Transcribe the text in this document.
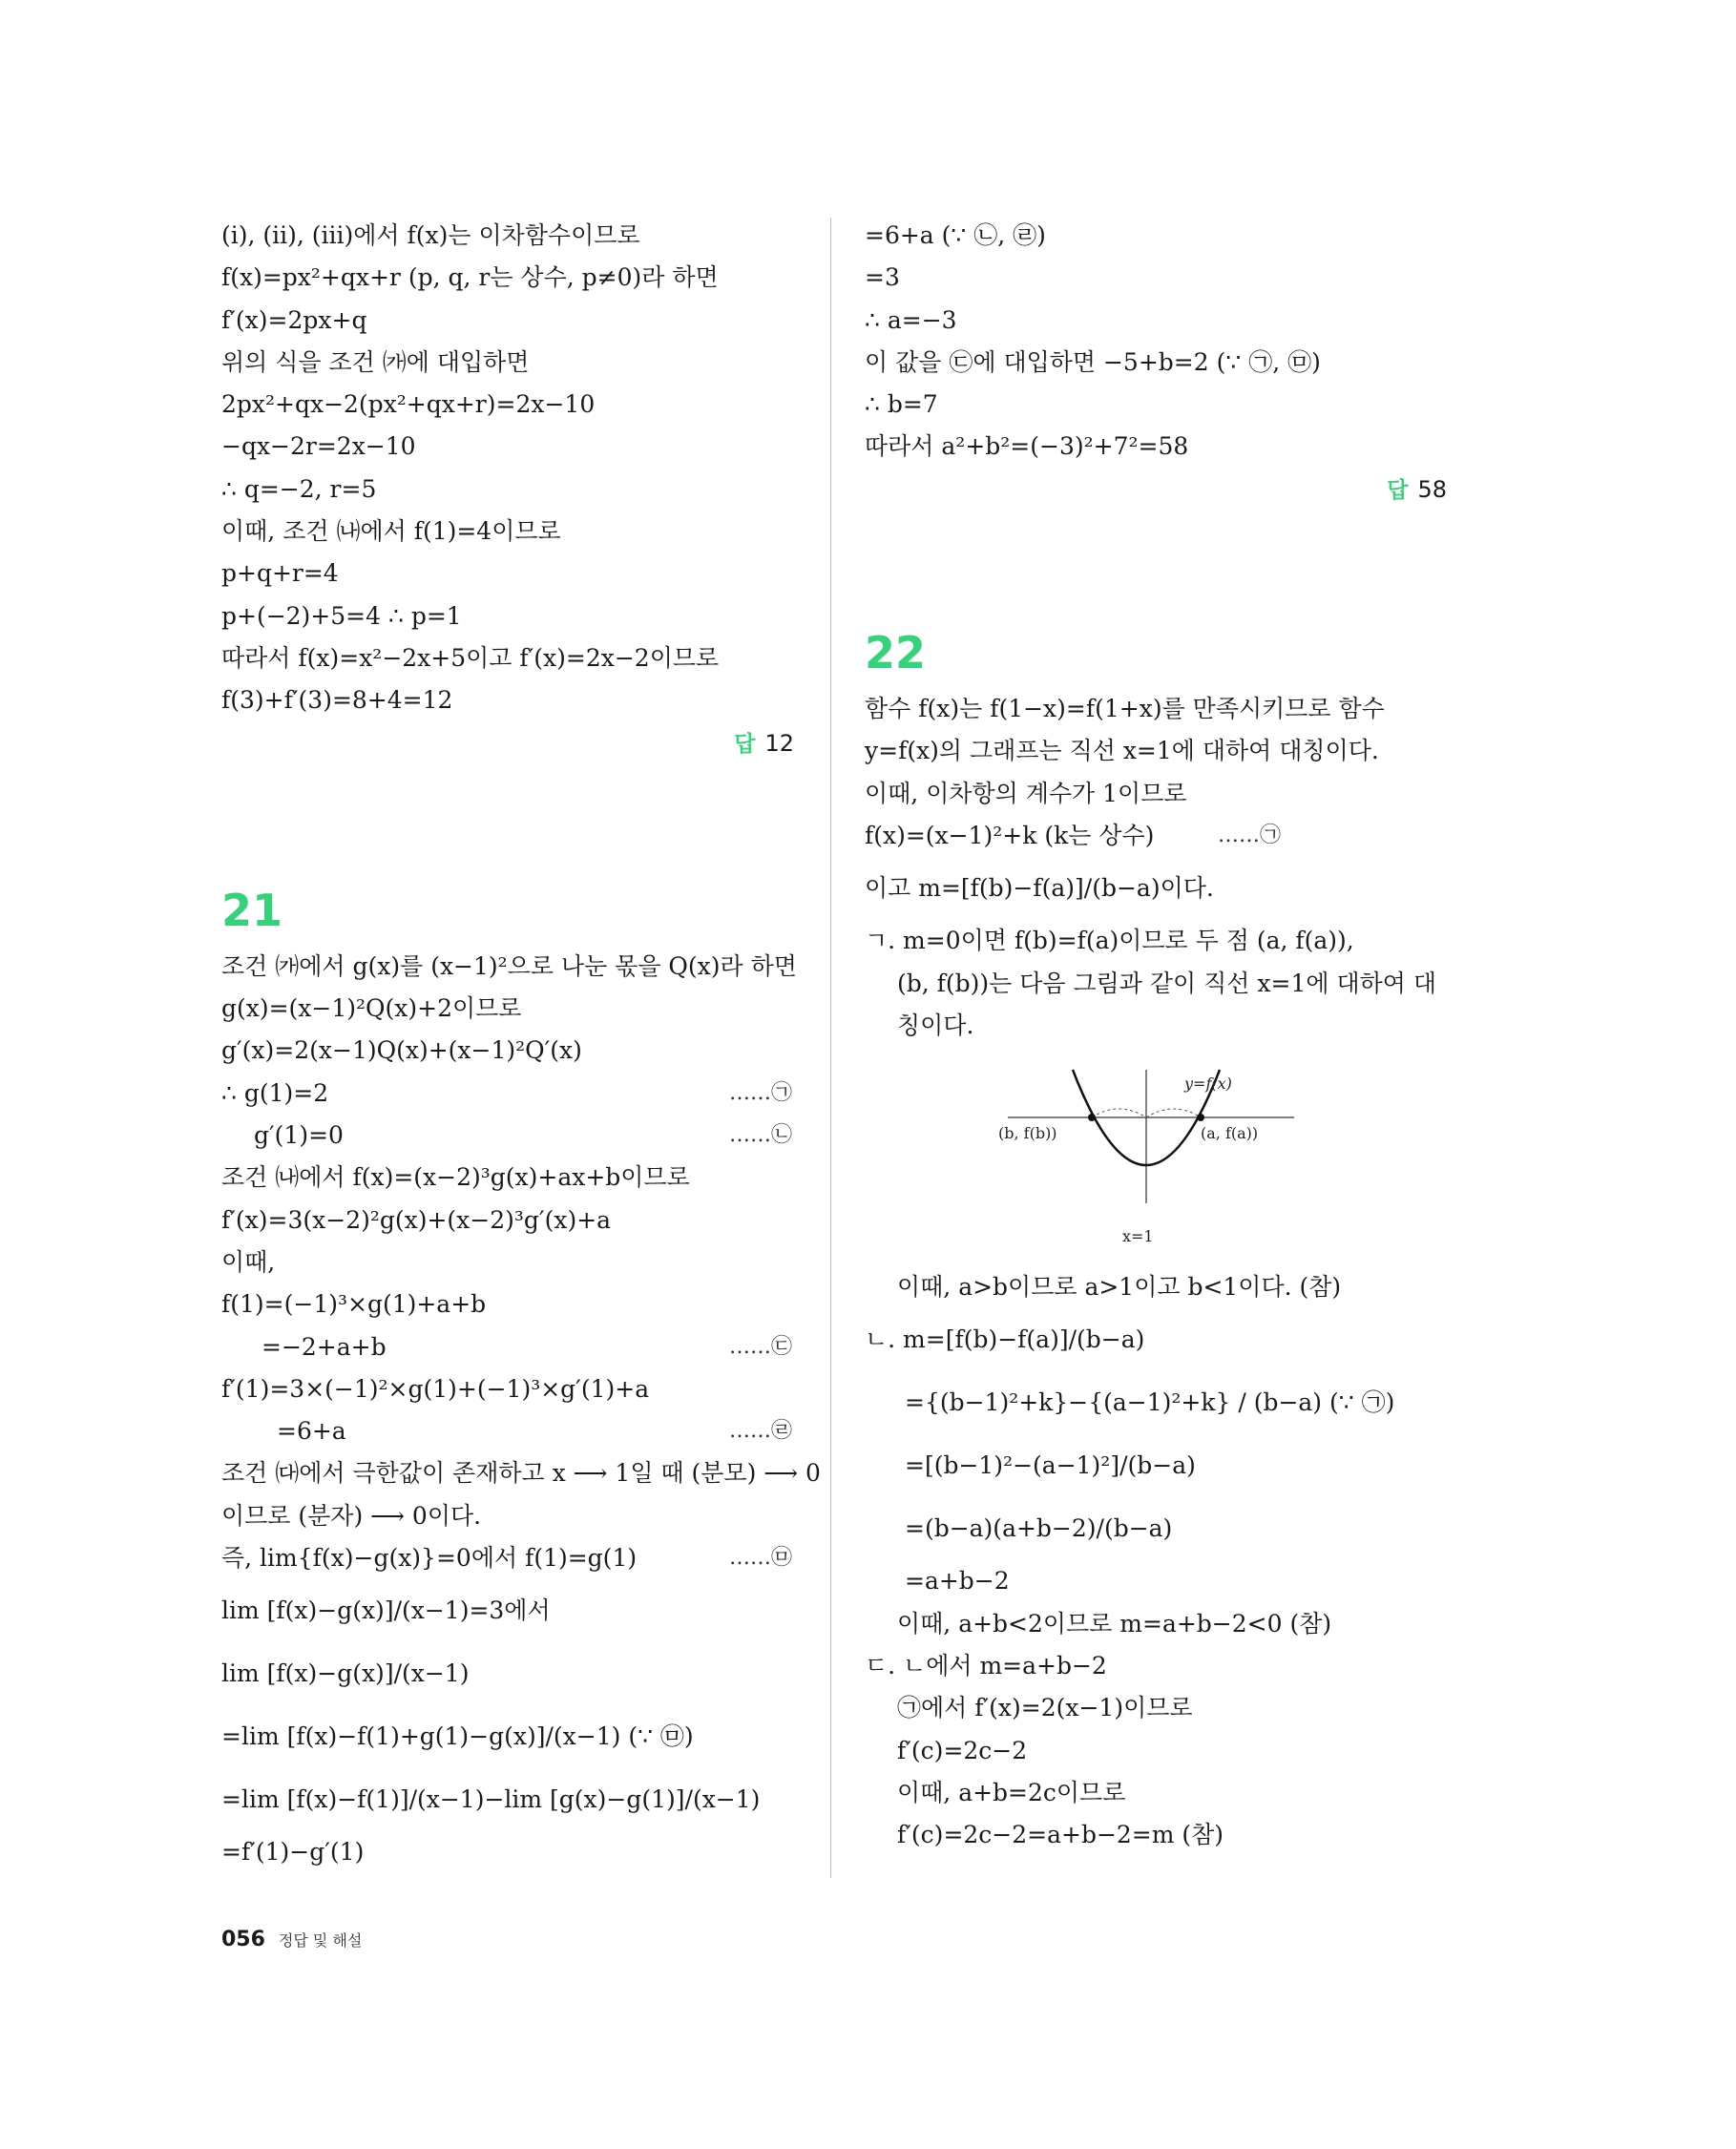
(ⅰ), (ⅱ), (ⅲ)에서 f(x)는 이차함수이므로
f(x)=px²+qx+r (p, q, r는 상수, p≠0)라 하면
f′(x)=2px+q
위의 식을 조건 ㈎에 대입하면
2px²+qx−2(px²+qx+r)=2x−10
−qx−2r=2x−10
∴ q=−2, r=5
이때, 조건 ㈏에서 f(1)=4이므로
p+q+r=4
p+(−2)+5=4 ∴ p=1
따라서 f(x)=x²−2x+5이고 f′(x)=2x−2이므로
f(3)+f′(3)=8+4=12
답 12
21
조건 ㈎에서 g(x)를 (x−1)²으로 나눈 몫을 Q(x)라 하면
g(x)=(x−1)²Q(x)+2이므로
g′(x)=2(x−1)Q(x)+(x−1)²Q′(x)
∴ g(1)=2	……㉠
g′(1)=0	……㉡
조건 ㈏에서 f(x)=(x−2)³g(x)+ax+b이므로
f′(x)=3(x−2)²g(x)+(x−2)³g′(x)+a
이때,
f(1)=(−1)³×g(1)+a+b
=−2+a+b	……㉢
f′(1)=3×(−1)²×g(1)+(−1)³×g′(1)+a
=6+a	……㉣
조건 ㈐에서 극한값이 존재하고 x ⟶ 1일 때 (분모) ⟶ 0
이므로 (분자) ⟶ 0이다.
즉, lim{f(x)−g(x)}=0에서 f(1)=g(1)	……㉤
lim [f(x)−g(x)]/(x−1)=3에서
lim [f(x)−g(x)]/(x−1)
=lim [f(x)−f(1)+g(1)−g(x)]/(x−1) (∵ ㉤)
=lim [f(x)−f(1)]/(x−1)−lim [g(x)−g(1)]/(x−1)
=f′(1)−g′(1)
=6+a (∵ ㉡, ㉣)
=3
∴ a=−3
이 값을 ㉢에 대입하면 −5+b=2 (∵ ㉠, ㉤)
∴ b=7
따라서 a²+b²=(−3)²+7²=58
답 58
22
함수 f(x)는 f(1−x)=f(1+x)를 만족시키므로 함수
y=f(x)의 그래프는 직선 x=1에 대하여 대칭이다.
이때, 이차항의 계수가 1이므로
f(x)=(x−1)²+k (k는 상수)	……㉠
이고 m=[f(b)−f(a)]/(b−a)이다.
ㄱ. m=0이면 f(b)=f(a)이므로 두 점 (a, f(a)),
(b, f(b))는 다음 그림과 같이 직선 x=1에 대하여 대
칭이다.
y=f(x)
(b, f(b))	(a, f(a))
x=1
이때, a>b이므로 a>1이고 b<1이다. (참)
ㄴ. m=[f(b)−f(a)]/(b−a)
={(b−1)²+k}−{(a−1)²+k} / (b−a) (∵ ㉠)
=[(b−1)²−(a−1)²]/(b−a)
=(b−a)(a+b−2)/(b−a)
=a+b−2
이때, a+b<2이므로 m=a+b−2<0 (참)
ㄷ. ㄴ에서 m=a+b−2
㉠에서 f′(x)=2(x−1)이므로
f′(c)=2c−2
이때, a+b=2c이므로
f′(c)=2c−2=a+b−2=m (참)
056 정답 및 해설
